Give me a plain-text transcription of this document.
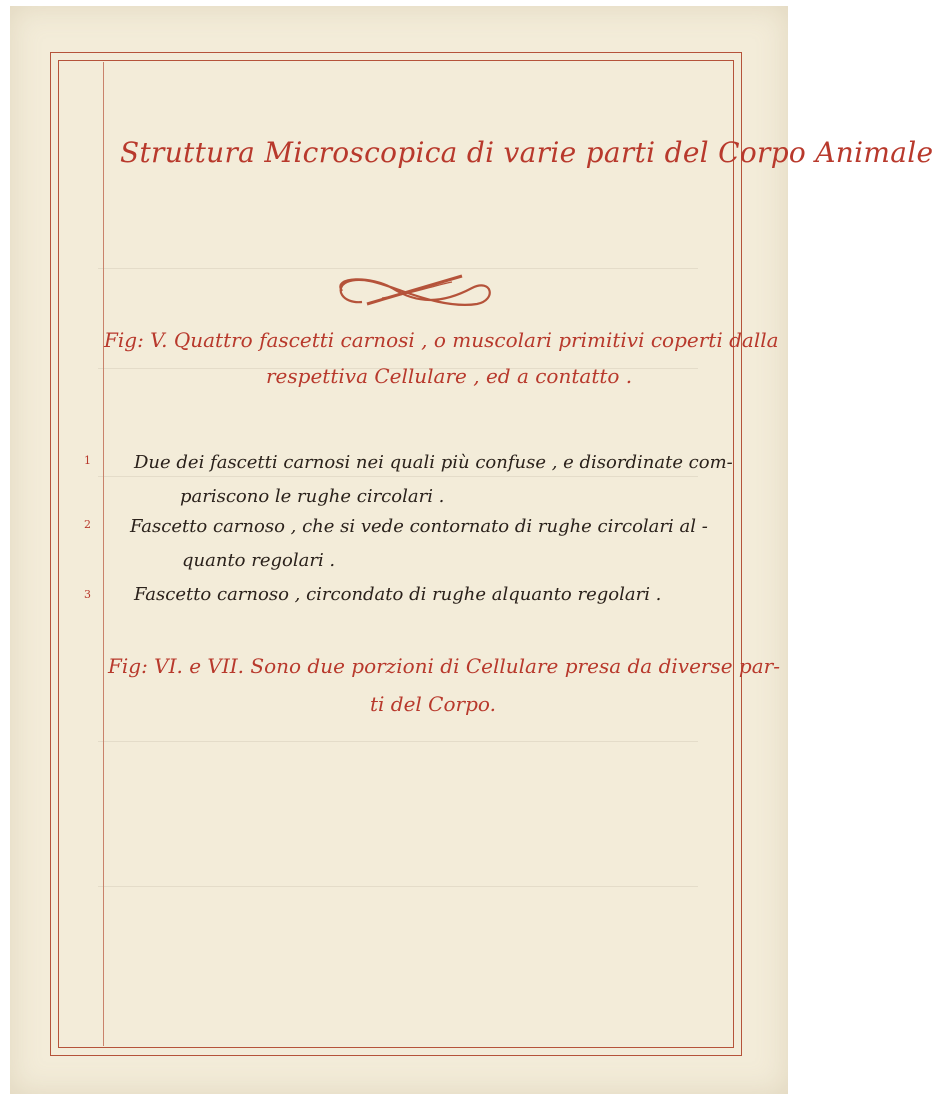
Struttura Microscopica di varie parti del Corpo Animale
Fig: V. Quattro fascetti carnosi , o muscolari primitivi coperti dalla
respettiva Cellulare , ed a contatto .
1 Due dei fascetti carnosi nei quali più confuse , e disordinate com-
pariscono le rughe circolari .
2 Fascetto carnoso , che si vede contornato di rughe circolari al -
quanto regolari .
3 Fascetto carnoso , circondato di rughe alquanto regolari .
Fig: VI. e VII. Sono due porzioni di Cellulare presa da diverse par-
ti del Corpo.
